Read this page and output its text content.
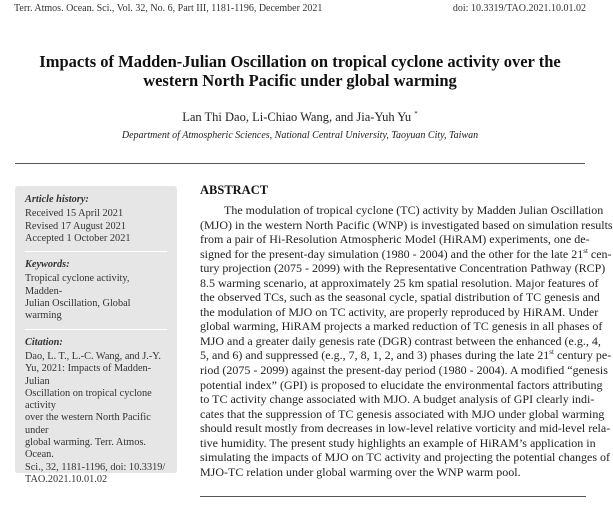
Terr. Atmos. Ocean. Sci., Vol. 32, No. 6, Part III, 1181-1196, December 2021	doi: 10.3319/TAO.2021.10.01.02
Impacts of Madden-Julian Oscillation on tropical cyclone activity over the
western North Pacific under global warming
Lan Thi Dao, Li-Chiao Wang, and Jia-Yuh Yu *
Department of Atmospheric Sciences, National Central University, Taoyuan City, Taiwan
Article history:
Received 15 April 2021
Revised 17 August 2021
Accepted 1 October 2021
Keywords:
Tropical cyclone activity, Madden-
Julian Oscillation, Global warming
Citation:
Dao, L. T., L.-C. Wang, and J.-Y.
Yu, 2021: Impacts of Madden-Julian
Oscillation on tropical cyclone activity
over the western North Pacific under
global warming. Terr. Atmos. Ocean.
Sci., 32, 1181-1196, doi: 10.3319/
TAO.2021.10.01.02
ABSTRACT
The modulation of tropical cyclone (TC) activity by Madden Julian Oscillation
(MJO) in the western North Pacific (WNP) is investigated based on simulation results
from a pair of Hi-Resolution Atmospheric Model (HiRAM) experiments, one de-
signed for the present-day simulation (1980 - 2004) and the other for the late 21st cen-
tury projection (2075 - 2099) with the Representative Concentration Pathway (RCP)
8.5 warming scenario, at approximately 25 km spatial resolution. Major features of
the observed TCs, such as the seasonal cycle, spatial distribution of TC genesis and
the modulation of MJO on TC activity, are properly reproduced by HiRAM. Under
global warming, HiRAM projects a marked reduction of TC genesis in all phases of
MJO and a greater daily genesis rate (DGR) contrast between the enhanced (e.g., 4,
5, and 6) and suppressed (e.g., 7, 8, 1, 2, and 3) phases during the late 21st century pe-
riod (2075 - 2099) against the present-day period (1980 - 2004). A modified “genesis
potential index” (GPI) is proposed to elucidate the environmental factors attributing
to TC activity change associated with MJO. A budget analysis of GPI clearly indi-
cates that the suppression of TC genesis associated with MJO under global warming
should result mostly from decreases in low-level relative vorticity and mid-level rela-
tive humidity. The present study highlights an example of HiRAM’s application in
simulating the impacts of MJO on TC activity and projecting the potential changes of
MJO-TC relation under global warming over the WNP warm pool.
